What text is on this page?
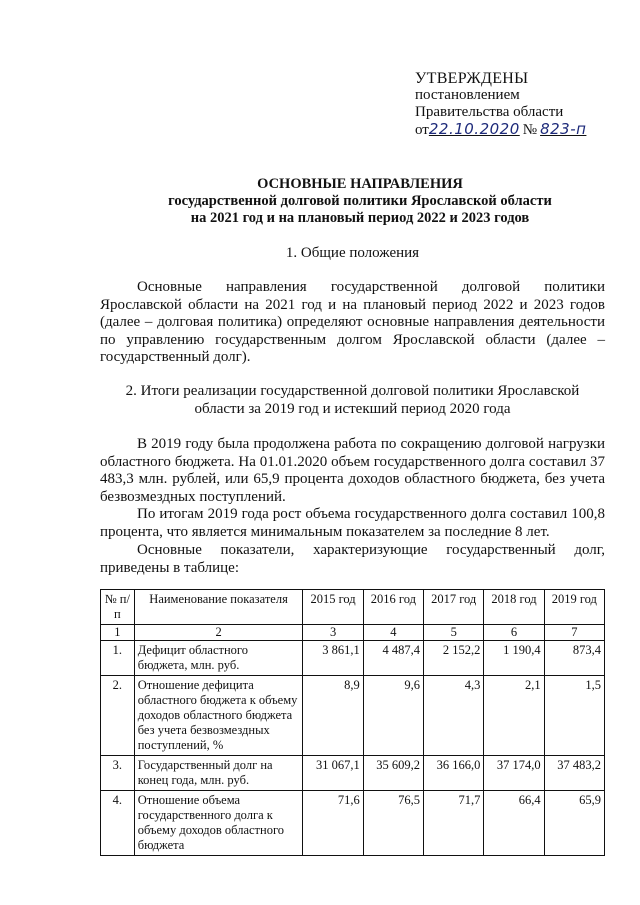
УТВЕРЖДЕНЫ
постановлением
Правительства области
от 22.10.2020 № 823-п
ОСНОВНЫЕ НАПРАВЛЕНИЯ
государственной долговой политики Ярославской области
на 2021 год и на плановый период 2022 и 2023 годов
1. Общие положения
Основные направления государственной долговой политики Ярославской области на 2021 год и на плановый период 2022 и 2023 годов (далее – долговая политика) определяют основные направления деятельности по управлению государственным долгом Ярославской области (далее – государственный долг).
2. Итоги реализации государственной долговой политики Ярославской
области за 2019 год и истекший период 2020 года
В 2019 году была продолжена работа по сокращению долговой нагрузки областного бюджета. На 01.01.2020 объем государственного долга составил 37 483,3 млн. рублей, или 65,9 процента доходов областного бюджета, без учета безвозмездных поступлений.
По итогам 2019 года рост объема государственного долга составил 100,8 процента, что является минимальным показателем за последние 8 лет.
Основные показатели, характеризующие государственный долг, приведены в таблице:
№ п/п	Наименование показателя	2015 год	2016 год	2017 год	2018 год	2019 год
1	2	3	4	5	6	7
1.	Дефицит областного бюджета, млн. руб.	3 861,1	4 487,4	2 152,2	1 190,4	873,4
2.	Отношение дефицита областного бюджета к объему доходов областного бюджета без учета безвозмездных поступлений, %	8,9	9,6	4,3	2,1	1,5
3.	Государственный долг на конец года, млн. руб.	31 067,1	35 609,2	36 166,0	37 174,0	37 483,2
4.	Отношение объема государственного долга к объему доходов областного бюджета	71,6	76,5	71,7	66,4	65,9
